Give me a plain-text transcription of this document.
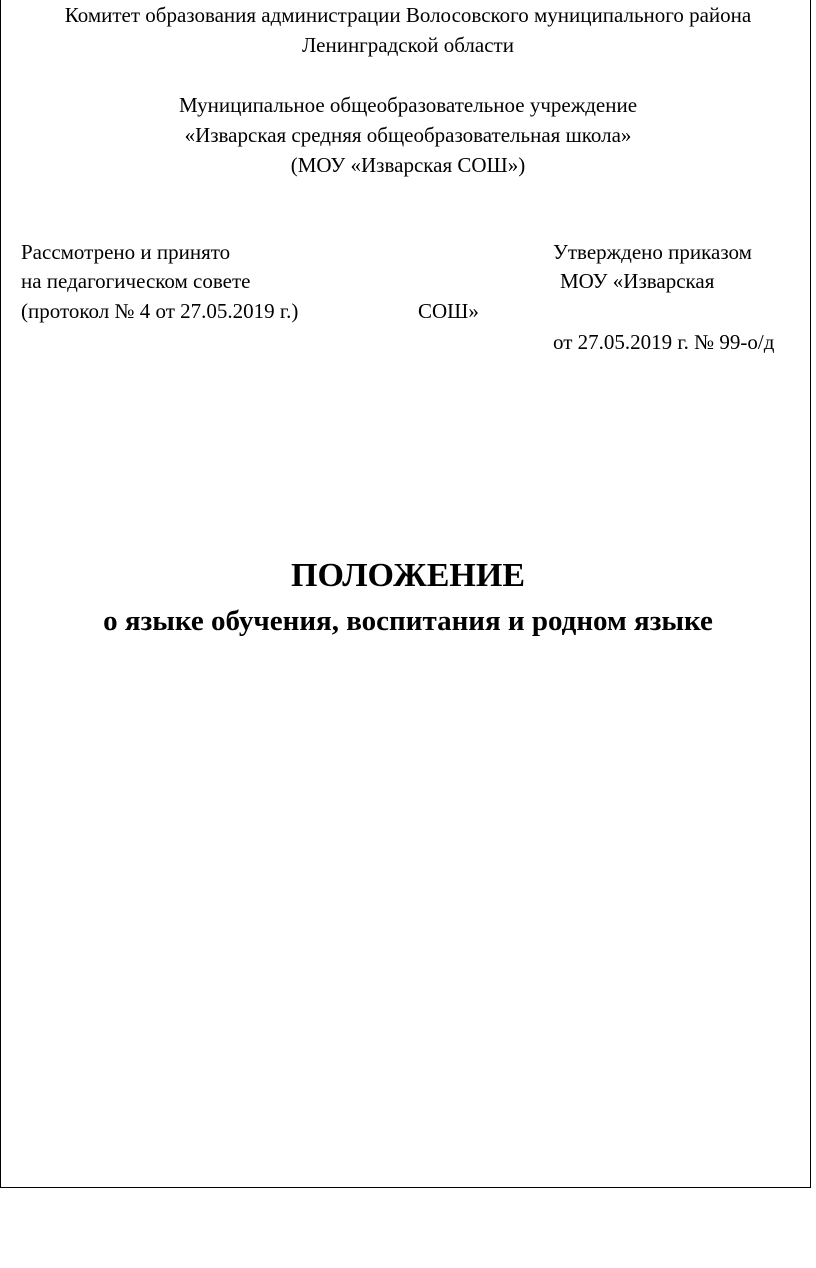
Комитет образования администрации Волосовского муниципального района
Ленинградской области
Муниципальное общеобразовательное учреждение
«Изварская средняя общеобразовательная школа»
(МОУ «Изварская СОШ»)
Рассмотрено и принято
на педагогическом совете
(протокол № 4 от 27.05.2019 г.)
Утверждено приказом
МОУ «Изварская
СОШ»
от 27.05.2019 г. № 99-о/д
ПОЛОЖЕНИЕ
о языке обучения, воспитания и родном языке
